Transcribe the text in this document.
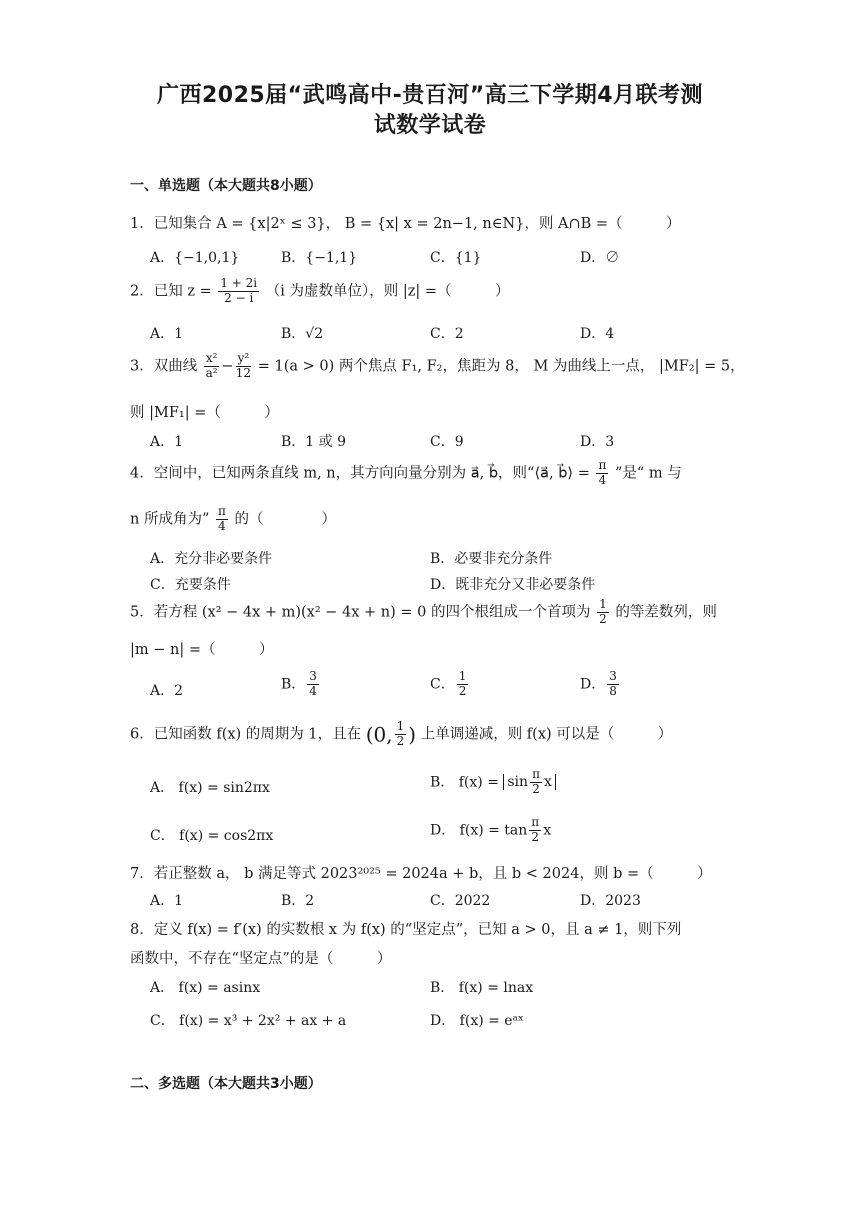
广西2025届“武鸣高中-贵百河”高三下学期4月联考测
试数学试卷
一、单选题（本大题共8小题）
1．已知集合 A = {x|2ˣ ≤ 3}， B = {x| x = 2n−1, n∈N}，则 A∩B =（　　　）
A．{−1,0,1}	B．{−1,1}	C．{1}	D．∅
2．已知 $z = \frac{1 + 2i}{2 - i} (i$ 为虚数单位），则 |z| =（　　　）
A．1	B．√2	C．2	D．4
3．双曲线 $\frac{\text{x²}}{\text{a²}} - \frac{\text{y²}}{12} = 1(a > 0)$ 两个焦点 F₁, F₂，焦距为 8， M 为曲线上一点， |MF₂| = 5，
则 |MF₁| =（　　　）
A．1	B．1 或 9	C．9	D．3
4．空间中，已知两条直线 m, n，其方向向量分别为 a⃗, b⃗，则“⟨a⃗, b⃗⟩ = $\frac{\pi}{4}$ ”是“ m 与
n 所成角为” $\frac{\pi}{4}$ 的（　　　　）
A．充分非必要条件	B．必要非充分条件
C．充要条件	D．既非充分又非必要条件
5．若方程 (x² − 4x + m)(x² − 4x + n) = 0 的四个根组成一个首项为 $\frac{1}{2}$ 的等差数列，则
|m − n| =（　　　）
A．2	B． $\frac{3}{4}$	C． $\frac{1}{2}$	D． $\frac{3}{8}$
6．已知函数 f(x) 的周期为 1，且在 (0, $\frac{1}{2}$ ) 上单调递减，则 f(x) 可以是（　　　）
A． f(x) = sin2πx	B． $f(x) = \sin \frac{\pi}{2}$ x
C． f(x) = cos2πx	D． $f(x) = \tan \frac{\pi}{2}$ x
7．若正整数 a， b 满足等式 2023²⁰²⁵ = 2024a + b，且 b < 2024，则 b =（　　　）
A．1	B．2	C．2022	D．2023
8．定义 f(x) = f′(x) 的实数根 x 为 f(x) 的“坚定点”，已知 a > 0，且 a ≠ 1，则下列
函数中，不存在“坚定点”的是（　　　）
A． f(x) = asinx	B． f(x) = lnax
C． f(x) = x³ + 2x² + ax + a	D． f(x) = eᵃˣ
二、多选题（本大题共3小题）
